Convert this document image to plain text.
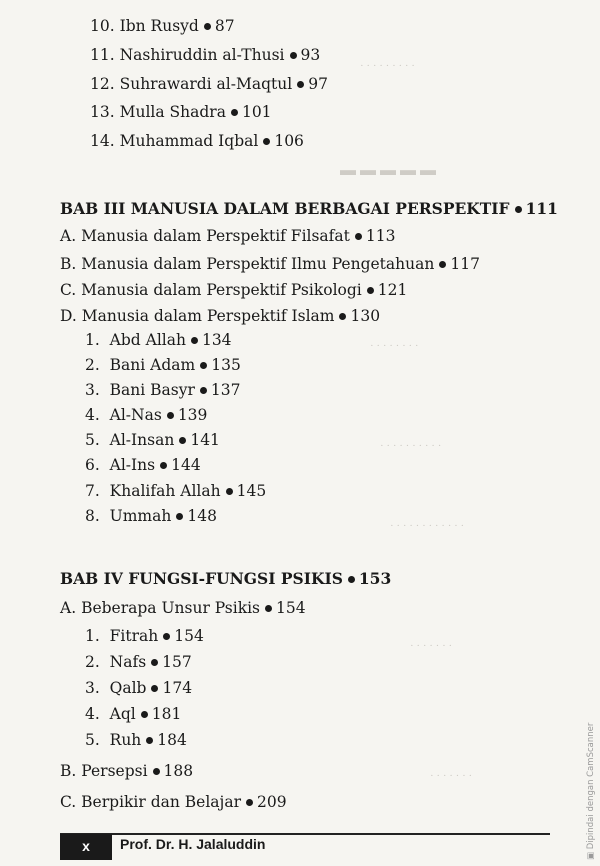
· · · · · · · · ·
▬ ▬ ▬ ▬ ▬
· · · · · · · ·
· · · · · · · · · ·
· · · · · · · · · · · ·
· · · · · · ·
· · · · · · ·
10. Ibn Rusyd 87
11. Nashiruddin al-Thusi 93
12. Suhrawardi al-Maqtul 97
13. Mulla Shadra 101
14. Muhammad Iqbal 106
BAB III MANUSIA DALAM BERBAGAI PERSPEKTIF 111
A. Manusia dalam Perspektif Filsafat 113
B. Manusia dalam Perspektif Ilmu Pengetahuan 117
C. Manusia dalam Perspektif Psikologi 121
D. Manusia dalam Perspektif Islam 130
1. Abd Allah 134
2. Bani Adam 135
3. Bani Basyr 137
4. Al-Nas 139
5. Al-Insan 141
6. Al-Ins 144
7. Khalifah Allah 145
8. Ummah 148
BAB IV FUNGSI-FUNGSI PSIKIS 153
A. Beberapa Unsur Psikis 154
1. Fitrah 154
2. Nafs 157
3. Qalb 174
4. Aql 181
5. Ruh 184
B. Persepsi 188
C. Berpikir dan Belajar 209
x	Prof. Dr. H. Jalaluddin
▣ Dipindai dengan CamScanner
